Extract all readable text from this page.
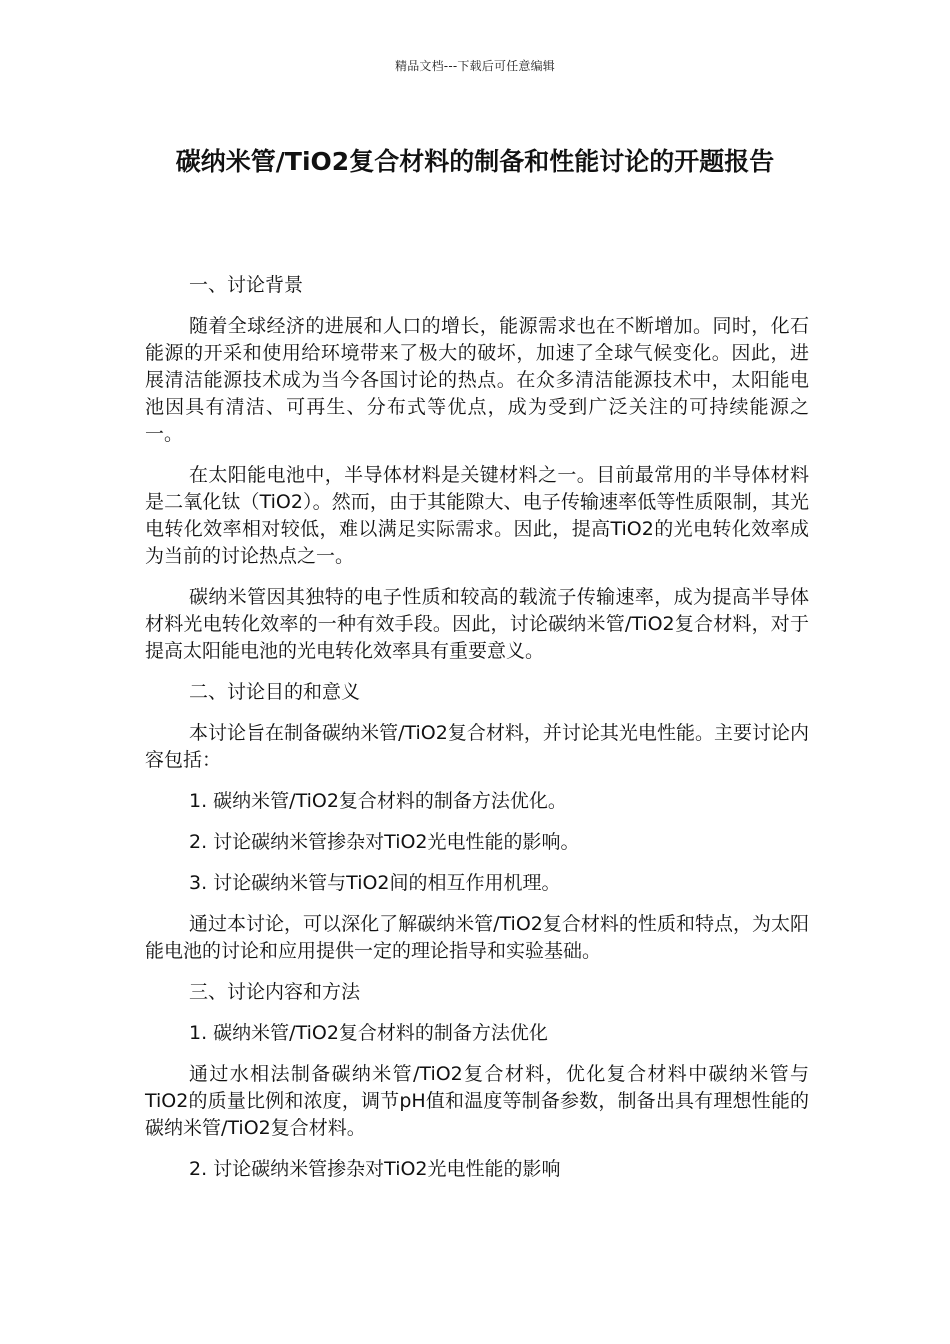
精品文档---下载后可任意编辑
碳纳米管/TiO2复合材料的制备和性能讨论的开题报告

一、讨论背景

随着全球经济的进展和人口的增长，能源需求也在不断增加。同时，化石能源的开采和使用给环境带来了极大的破坏，加速了全球气候变化。因此，进展清洁能源技术成为当今各国讨论的热点。在众多清洁能源技术中，太阳能电池因具有清洁、可再生、分布式等优点，成为受到广泛关注的可持续能源之一。

在太阳能电池中，半导体材料是关键材料之一。目前最常用的半导体材料是二氧化钛（TiO2）。然而，由于其能隙大、电子传输速率低等性质限制，其光电转化效率相对较低，难以满足实际需求。因此，提高TiO2的光电转化效率成为当前的讨论热点之一。

碳纳米管因其独特的电子性质和较高的载流子传输速率，成为提高半导体材料光电转化效率的一种有效手段。因此，讨论碳纳米管/TiO2复合材料，对于提高太阳能电池的光电转化效率具有重要意义。

二、讨论目的和意义

本讨论旨在制备碳纳米管/TiO2复合材料，并讨论其光电性能。主要讨论内容包括：

1. 碳纳米管/TiO2复合材料的制备方法优化。

2. 讨论碳纳米管掺杂对TiO2光电性能的影响。

3. 讨论碳纳米管与TiO2间的相互作用机理。

通过本讨论，可以深化了解碳纳米管/TiO2复合材料的性质和特点，为太阳能电池的讨论和应用提供一定的理论指导和实验基础。

三、讨论内容和方法

1. 碳纳米管/TiO2复合材料的制备方法优化

通过水相法制备碳纳米管/TiO2复合材料，优化复合材料中碳纳米管与TiO2的质量比例和浓度，调节pH值和温度等制备参数，制备出具有理想性能的碳纳米管/TiO2复合材料。

2. 讨论碳纳米管掺杂对TiO2光电性能的影响
